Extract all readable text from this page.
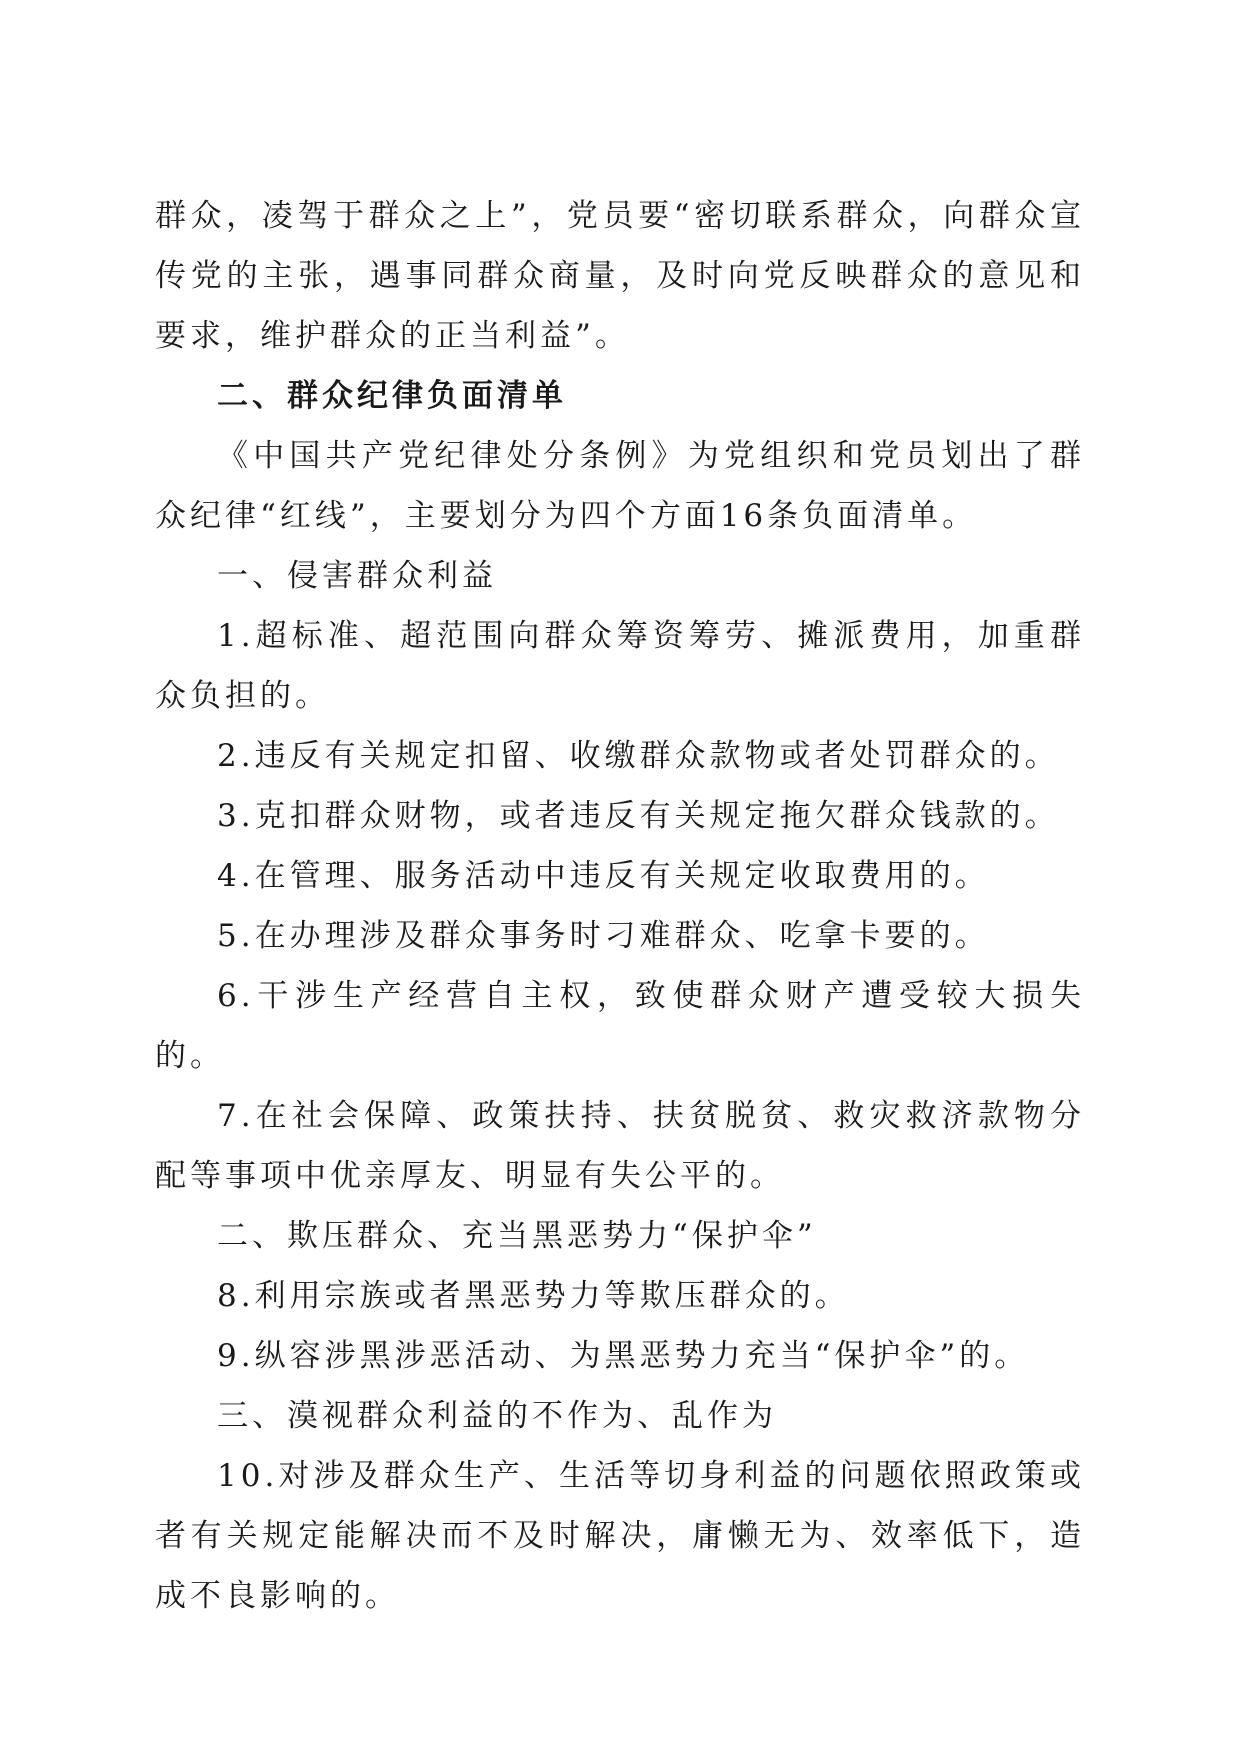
群众，凌驾于群众之上”，党员要“密切联系群众，向群众宣传党的主张，遇事同群众商量，及时向党反映群众的意见和要求，维护群众的正当利益”。

二、群众纪律负面清单

《中国共产党纪律处分条例》为党组织和党员划出了群众纪律“红线”，主要划分为四个方面16条负面清单。

一、侵害群众利益

1.超标准、超范围向群众筹资筹劳、摊派费用，加重群众负担的。

2.违反有关规定扣留、收缴群众款物或者处罚群众的。

3.克扣群众财物，或者违反有关规定拖欠群众钱款的。

4.在管理、服务活动中违反有关规定收取费用的。

5.在办理涉及群众事务时刁难群众、吃拿卡要的。

6.干涉生产经营自主权，致使群众财产遭受较大损失的。

7.在社会保障、政策扶持、扶贫脱贫、救灾救济款物分配等事项中优亲厚友、明显有失公平的。

二、欺压群众、充当黑恶势力“保护伞”

8.利用宗族或者黑恶势力等欺压群众的。

9.纵容涉黑涉恶活动、为黑恶势力充当“保护伞”的。

三、漠视群众利益的不作为、乱作为

10.对涉及群众生产、生活等切身利益的问题依照政策或者有关规定能解决而不及时解决，庸懒无为、效率低下，造成不良影响的。
